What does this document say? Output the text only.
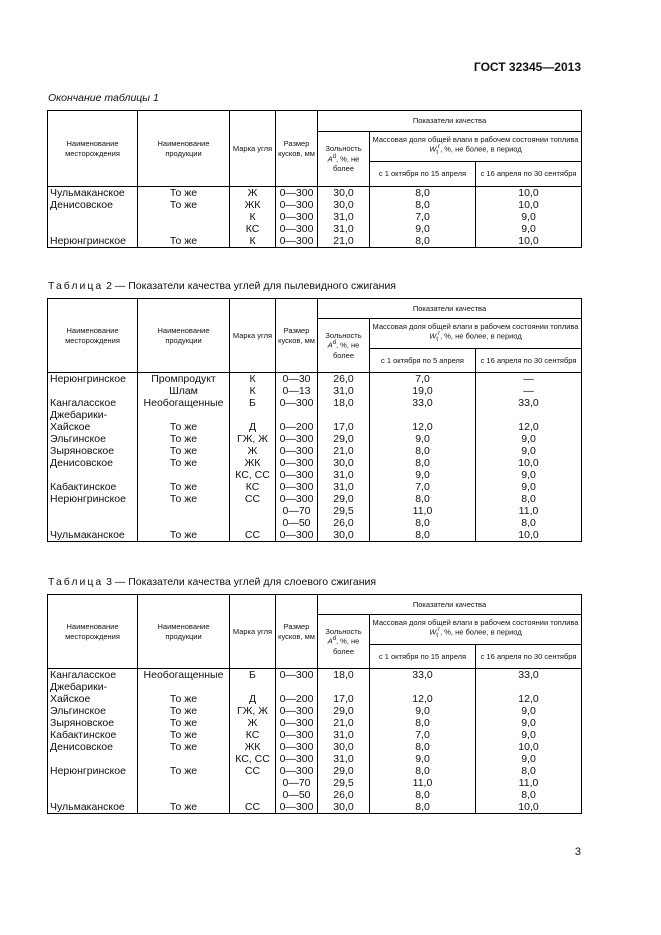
ГОСТ 32345—2013
Окончание таблицы 1
Наименование месторождения	Наименование продукции	Марка угля	Размер кусков, мм	Показатели качества		
				Зольность $A^d$, %, не более	Массовая доля общей влаги в рабочем состоянии топлива $W_t^r$, %, не более, в период	
					с 1 октября по 15 апреля	с 16 апреля по 30 сентября
Чульмаканское	То же	Ж	0—300	30,0	8,0	10,0
Денисовское	То же	ЖК	0—300	30,0	8,0	10,0
		К	0—300	31,0	7,0	9,0
		КС	0—300	31,0	9,0	9,0
Нерюнгринское	То же	К	0—300	21,0	8,0	10,0
Таблица 2 — Показатели качества углей для пылевидного сжигания
Наименование месторождения	Наименование продукции	Марка угля	Размер кусков, мм	Показатели качества		
				Зольность $A^d$, %, не более	Массовая доля общей влаги в рабочем состоянии топлива $W_t^r$, %, не более, в период	
					с 1 октября по 5 апреля	с 16 апреля по 30 сентября
Нерюнгринское	Промпродукт	К	0—30	26,0	7,0	—
	Шлам	К	0—13	31,0	19,0	—
Кангаласское	Необогащенные	Б	0—300	18,0	33,0	33,0
Джебарики-						
Хайское	То же	Д	0—200	17,0	12,0	12,0
Эльгинское	То же	ГЖ, Ж	0—300	29,0	9,0	9,0
Зыряновское	То же	Ж	0—300	21,0	8,0	9,0
Денисовское	То же	ЖК	0—300	30,0	8,0	10,0
		КС, СС	0—300	31,0	9,0	9,0
Кабактинское	То же	КС	0—300	31,0	7,0	9,0
Нерюнгринское	То же	СС	0—300	29,0	8,0	8,0
			0—70	29,5	11,0	11,0
			0—50	26,0	8,0	8,0
Чульмаканское	То же	СС	0—300	30,0	8,0	10,0
Таблица 3 — Показатели качества углей для слоевого сжигания
Наименование месторождения	Наименование продукции	Марка угля	Размер кусков, мм	Показатели качества		
				Зольность $A^d$, %, не более	Массовая доля общей влаги в рабочем состоянии топлива $W_t^r$, %, не более, в период	
					с 1 октября по 15 апреля	с 16 апреля по 30 сентября
Кангаласское	Необогащенные	Б	0—300	18,0	33,0	33,0
Джебарики-						
Хайское	То же	Д	0—200	17,0	12,0	12,0
Эльгинское	То же	ГЖ, Ж	0—300	29,0	9,0	9,0
Зыряновское	То же	Ж	0—300	21,0	8,0	9,0
Кабактинское	То же	КС	0—300	31,0	7,0	9,0
Денисовское	То же	ЖК	0—300	30,0	8,0	10,0
		КС, СС	0—300	31,0	9,0	9,0
Нерюнгринское	То же	СС	0—300	29,0	8,0	8,0
			0—70	29,5	11,0	11,0
			0—50	26,0	8,0	8,0
Чульмаканское	То же	СС	0—300	30,0	8,0	10,0
3
